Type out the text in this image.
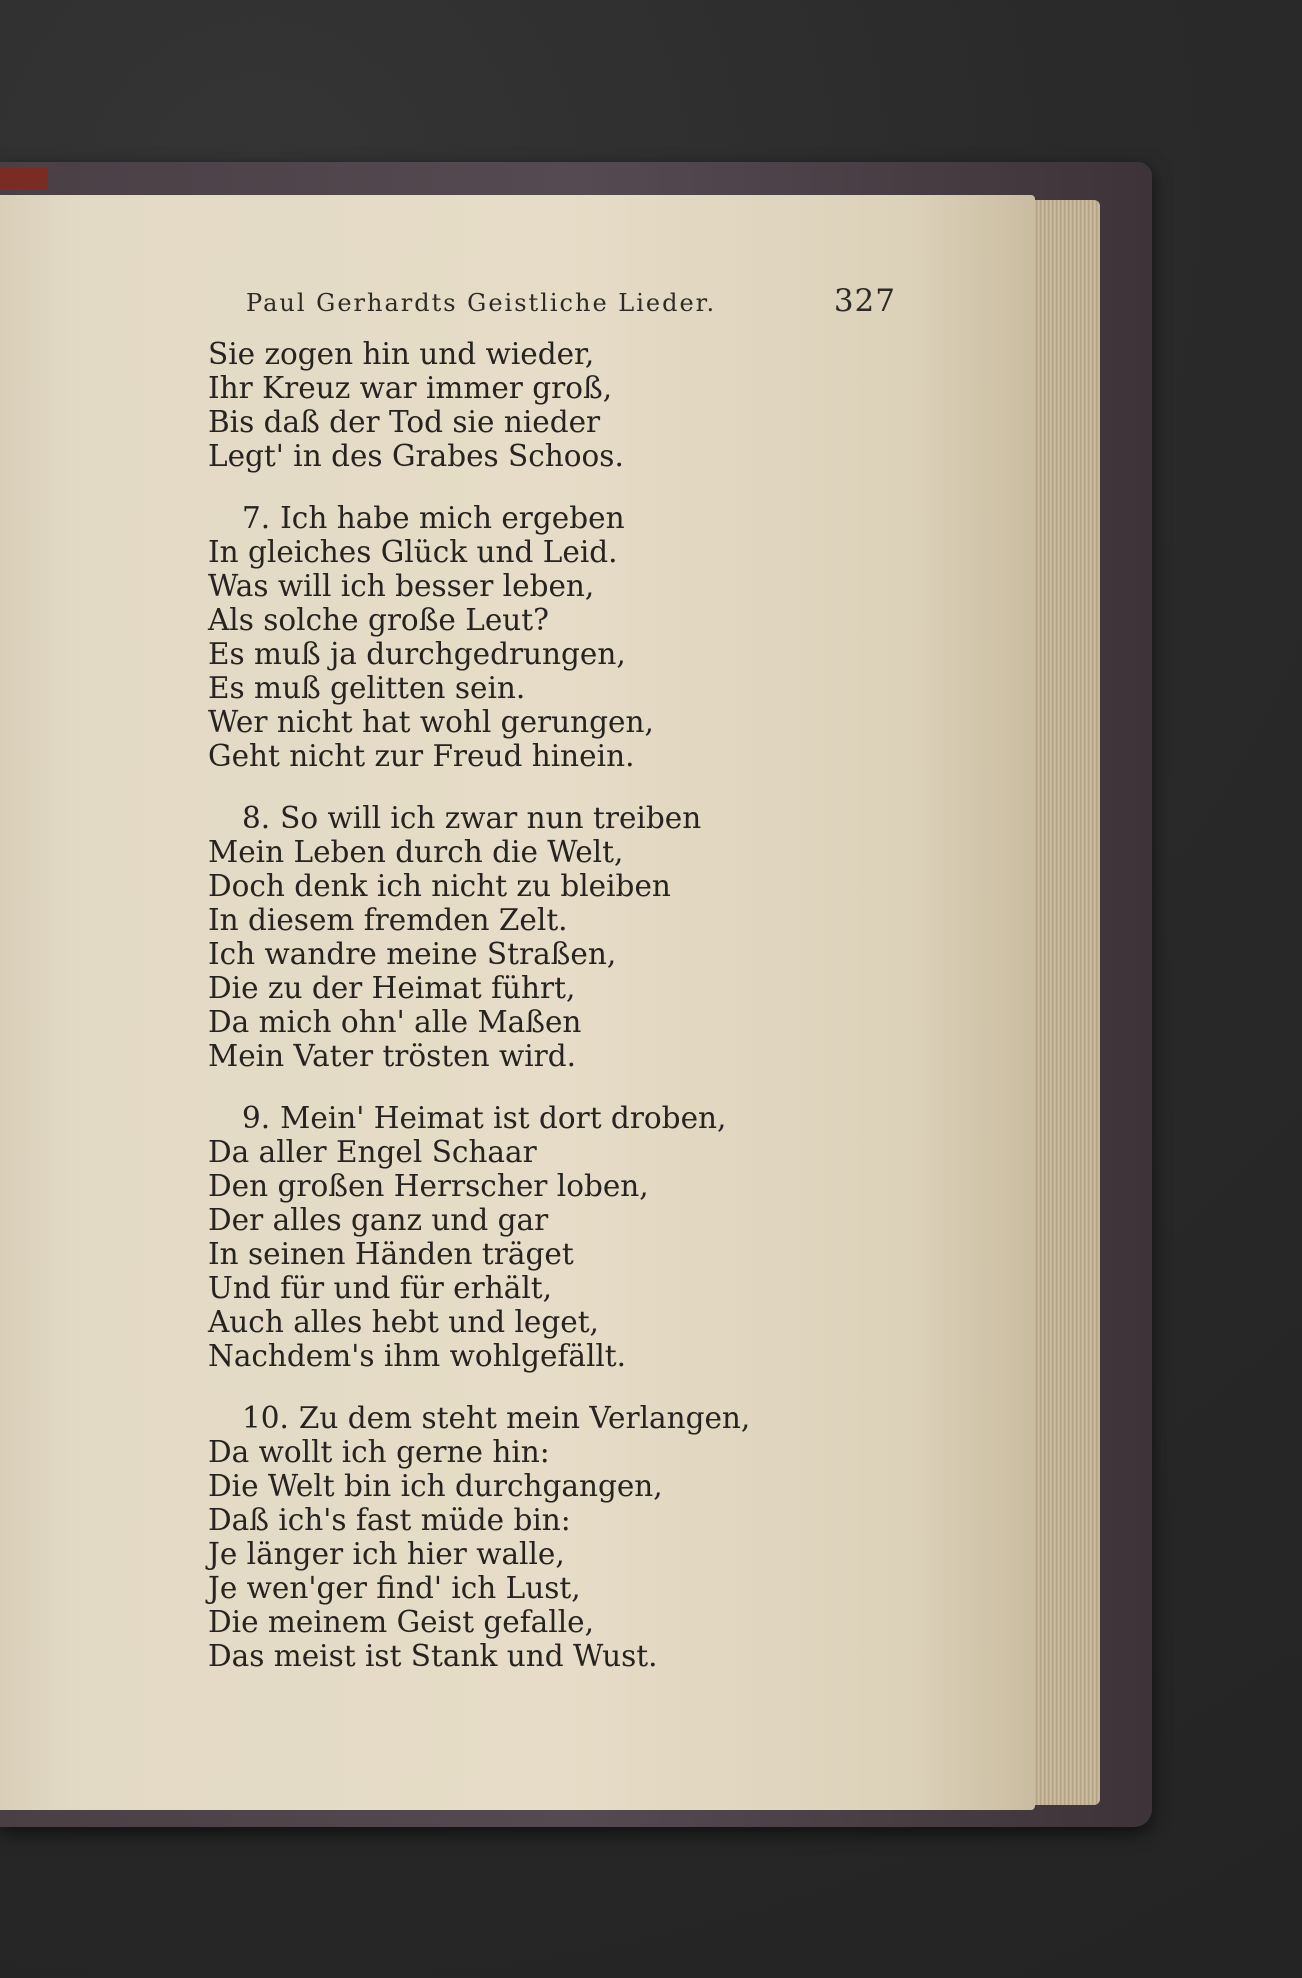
Paul Gerhardts Geistliche Lieder.	327
Sie zogen hin und wieder,
Ihr Kreuz war immer groß,
Bis daß der Tod sie nieder
Legt' in des Grabes Schoos.
7. Ich habe mich ergeben
In gleiches Glück und Leid.
Was will ich besser leben,
Als solche große Leut?
Es muß ja durchgedrungen,
Es muß gelitten sein.
Wer nicht hat wohl gerungen,
Geht nicht zur Freud hinein.
8. So will ich zwar nun treiben
Mein Leben durch die Welt,
Doch denk ich nicht zu bleiben
In diesem fremden Zelt.
Ich wandre meine Straßen,
Die zu der Heimat führt,
Da mich ohn' alle Maßen
Mein Vater trösten wird.
9. Mein' Heimat ist dort droben,
Da aller Engel Schaar
Den großen Herrscher loben,
Der alles ganz und gar
In seinen Händen träget
Und für und für erhält,
Auch alles hebt und leget,
Nachdem's ihm wohlgefällt.
10. Zu dem steht mein Verlangen,
Da wollt ich gerne hin:
Die Welt bin ich durchgangen,
Daß ich's fast müde bin:
Je länger ich hier walle,
Je wen'ger find' ich Lust,
Die meinem Geist gefalle,
Das meist ist Stank und Wust.
